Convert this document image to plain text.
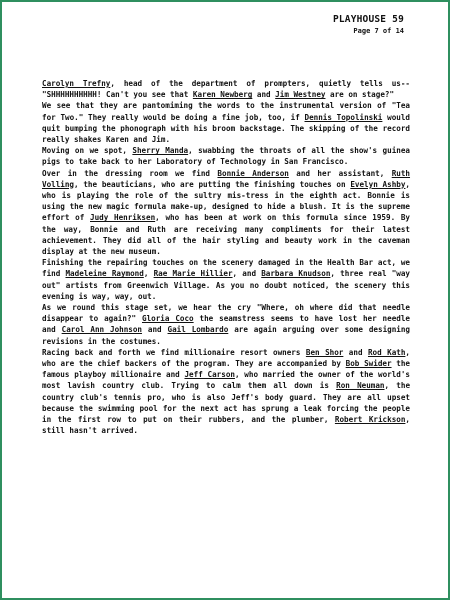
PLAYHOUSE 59
Page 7 of 14

Carolyn Trefny, head of the department of prompters, quietly tells us--"SHHHHHHHHHH! Can't you see that Karen Newberg and Jim Westney are on stage?"

We see that they are pantomiming the words to the instrumental version of "Tea for Two." They really would be doing a fine job, too, if Dennis Topolinski would quit bumping the phonograph with his broom backstage. The skipping of the record really shakes Karen and Jim.

Moving on we spot, Sherry Manda, swabbing the throats of all the show's guinea pigs to take back to her Laboratory of Technology in San Francisco.

Over in the dressing room we find Bonnie Anderson and her assistant, Ruth Volling, the beauticians, who are putting the finishing touches on Evelyn Ashby, who is playing the role of the sultry mis-tress in the eighth act. Bonnie is using the new magic formula make-up, designed to hide a blush. It is the supreme effort of Judy Henriksen, who has been at work on this formula since 1959. By the way, Bonnie and Ruth are receiving many compliments for their latest achievement. They did all of the hair styling and beauty work in the caveman display at the new museum.

Finishing the repairing touches on the scenery damaged in the Health Bar act, we find Madeleine Raymond, Rae Marie Hillier, and Barbara Knudson, three real "way out" artists from Greenwich Village. As you no doubt noticed, the scenery this evening is way, way, out.

As we round this stage set, we hear the cry "Where, oh where did that needle disappear to again?" Gloria Coco the seamstress seems to have lost her needle and Carol Ann Johnson and Gail Lombardo are again arguing over some designing revisions in the costumes.

Racing back and forth we find millionaire resort owners Ben Shor and Rod Kath, who are the chief backers of the program. They are accompanied by Bob Swider the famous playboy millionaire and Jeff Carson, who married the owner of the world's most lavish country club. Trying to calm them all down is Ron Neuman, the country club's tennis pro, who is also Jeff's body guard. They are all upset because the swimming pool for the next act has sprung a leak forcing the people in the first row to put on their rubbers, and the plumber, Robert Krickson, still hasn't arrived.
